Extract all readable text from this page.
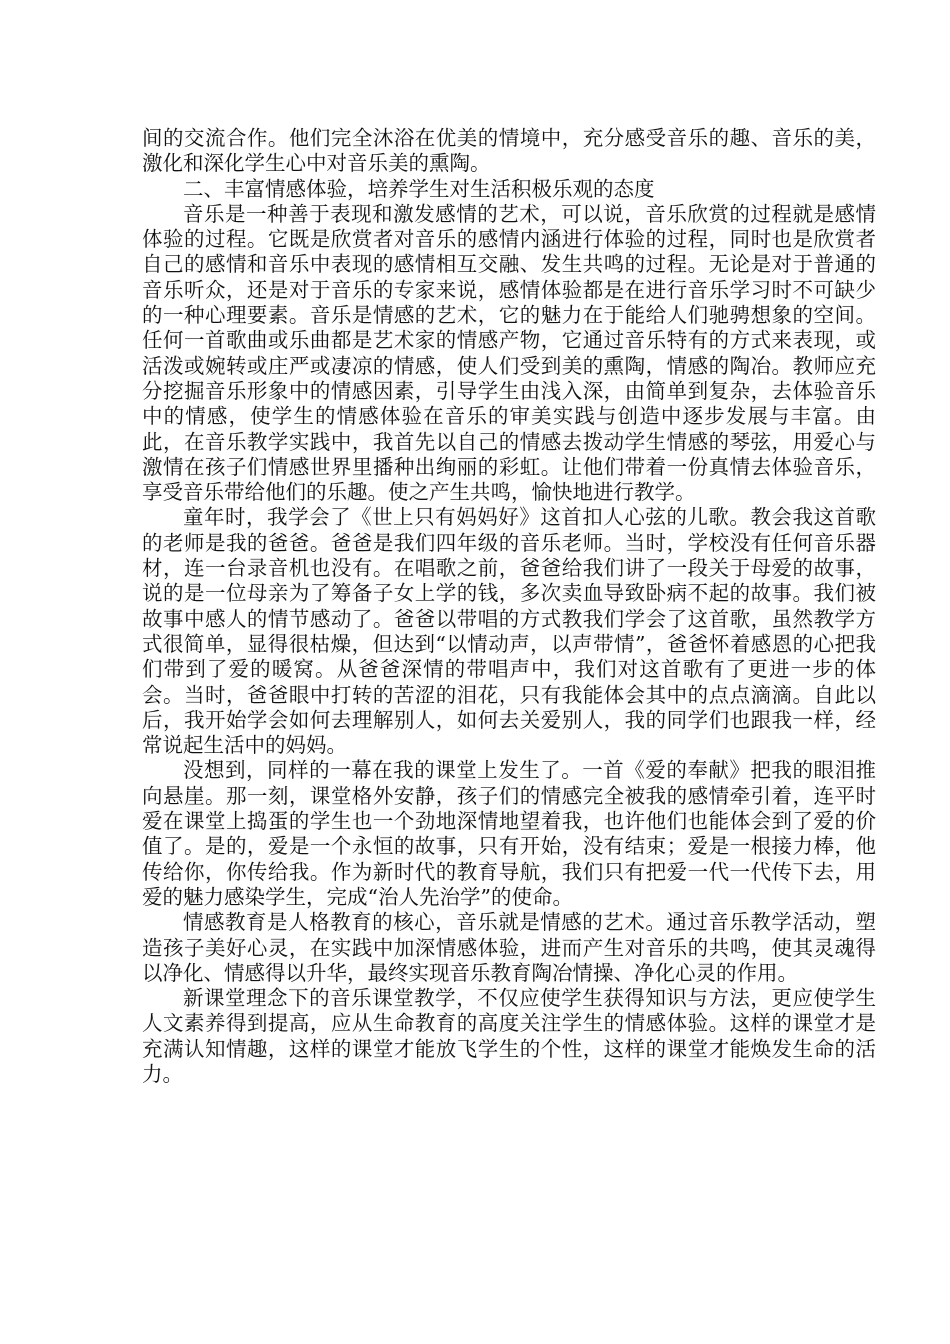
间的交流合作。他们完全沐浴在优美的情境中，充分感受音乐的趣、音乐的美，激化和深化学生心中对音乐美的熏陶。

二、丰富情感体验，培养学生对生活积极乐观的态度

音乐是一种善于表现和激发感情的艺术，可以说，音乐欣赏的过程就是感情体验的过程。它既是欣赏者对音乐的感情内涵进行体验的过程，同时也是欣赏者自己的感情和音乐中表现的感情相互交融、发生共鸣的过程。无论是对于普通的音乐听众，还是对于音乐的专家来说，感情体验都是在进行音乐学习时不可缺少的一种心理要素。音乐是情感的艺术，它的魅力在于能给人们驰骋想象的空间。任何一首歌曲或乐曲都是艺术家的情感产物，它通过音乐特有的方式来表现，或活泼或婉转或庄严或凄凉的情感，使人们受到美的熏陶，情感的陶冶。教师应充分挖掘音乐形象中的情感因素，引导学生由浅入深，由简单到复杂，去体验音乐中的情感，使学生的情感体验在音乐的审美实践与创造中逐步发展与丰富。由此，在音乐教学实践中，我首先以自己的情感去拨动学生情感的琴弦，用爱心与激情在孩子们情感世界里播种出绚丽的彩虹。让他们带着一份真情去体验音乐，享受音乐带给他们的乐趣。使之产生共鸣，愉快地进行教学。

童年时，我学会了《世上只有妈妈好》这首扣人心弦的儿歌。教会我这首歌的老师是我的爸爸。爸爸是我们四年级的音乐老师。当时，学校没有任何音乐器材，连一台录音机也没有。在唱歌之前，爸爸给我们讲了一段关于母爱的故事，说的是一位母亲为了筹备子女上学的钱，多次卖血导致卧病不起的故事。我们被故事中感人的情节感动了。爸爸以带唱的方式教我们学会了这首歌，虽然教学方式很简单，显得很枯燥，但达到“以情动声，以声带情”，爸爸怀着感恩的心把我们带到了爱的暖窝。从爸爸深情的带唱声中，我们对这首歌有了更进一步的体会。当时，爸爸眼中打转的苦涩的泪花，只有我能体会其中的点点滴滴。自此以后，我开始学会如何去理解别人，如何去关爱别人，我的同学们也跟我一样，经常说起生活中的妈妈。

没想到，同样的一幕在我的课堂上发生了。一首《爱的奉献》把我的眼泪推向悬崖。那一刻，课堂格外安静，孩子们的情感完全被我的感情牵引着，连平时爱在课堂上捣蛋的学生也一个劲地深情地望着我，也许他们也能体会到了爱的价值了。是的，爱是一个永恒的故事，只有开始，没有结束；爱是一根接力棒，他传给你，你传给我。作为新时代的教育导航，我们只有把爱一代一代传下去，用爱的魅力感染学生，完成“治人先治学”的使命。

情感教育是人格教育的核心，音乐就是情感的艺术。通过音乐教学活动，塑造孩子美好心灵，在实践中加深情感体验，进而产生对音乐的共鸣，使其灵魂得以净化、情感得以升华，最终实现音乐教育陶冶情操、净化心灵的作用。

新课堂理念下的音乐课堂教学，不仅应使学生获得知识与方法，更应使学生人文素养得到提高，应从生命教育的高度关注学生的情感体验。这样的课堂才是充满认知情趣，这样的课堂才能放飞学生的个性，这样的课堂才能焕发生命的活力。
